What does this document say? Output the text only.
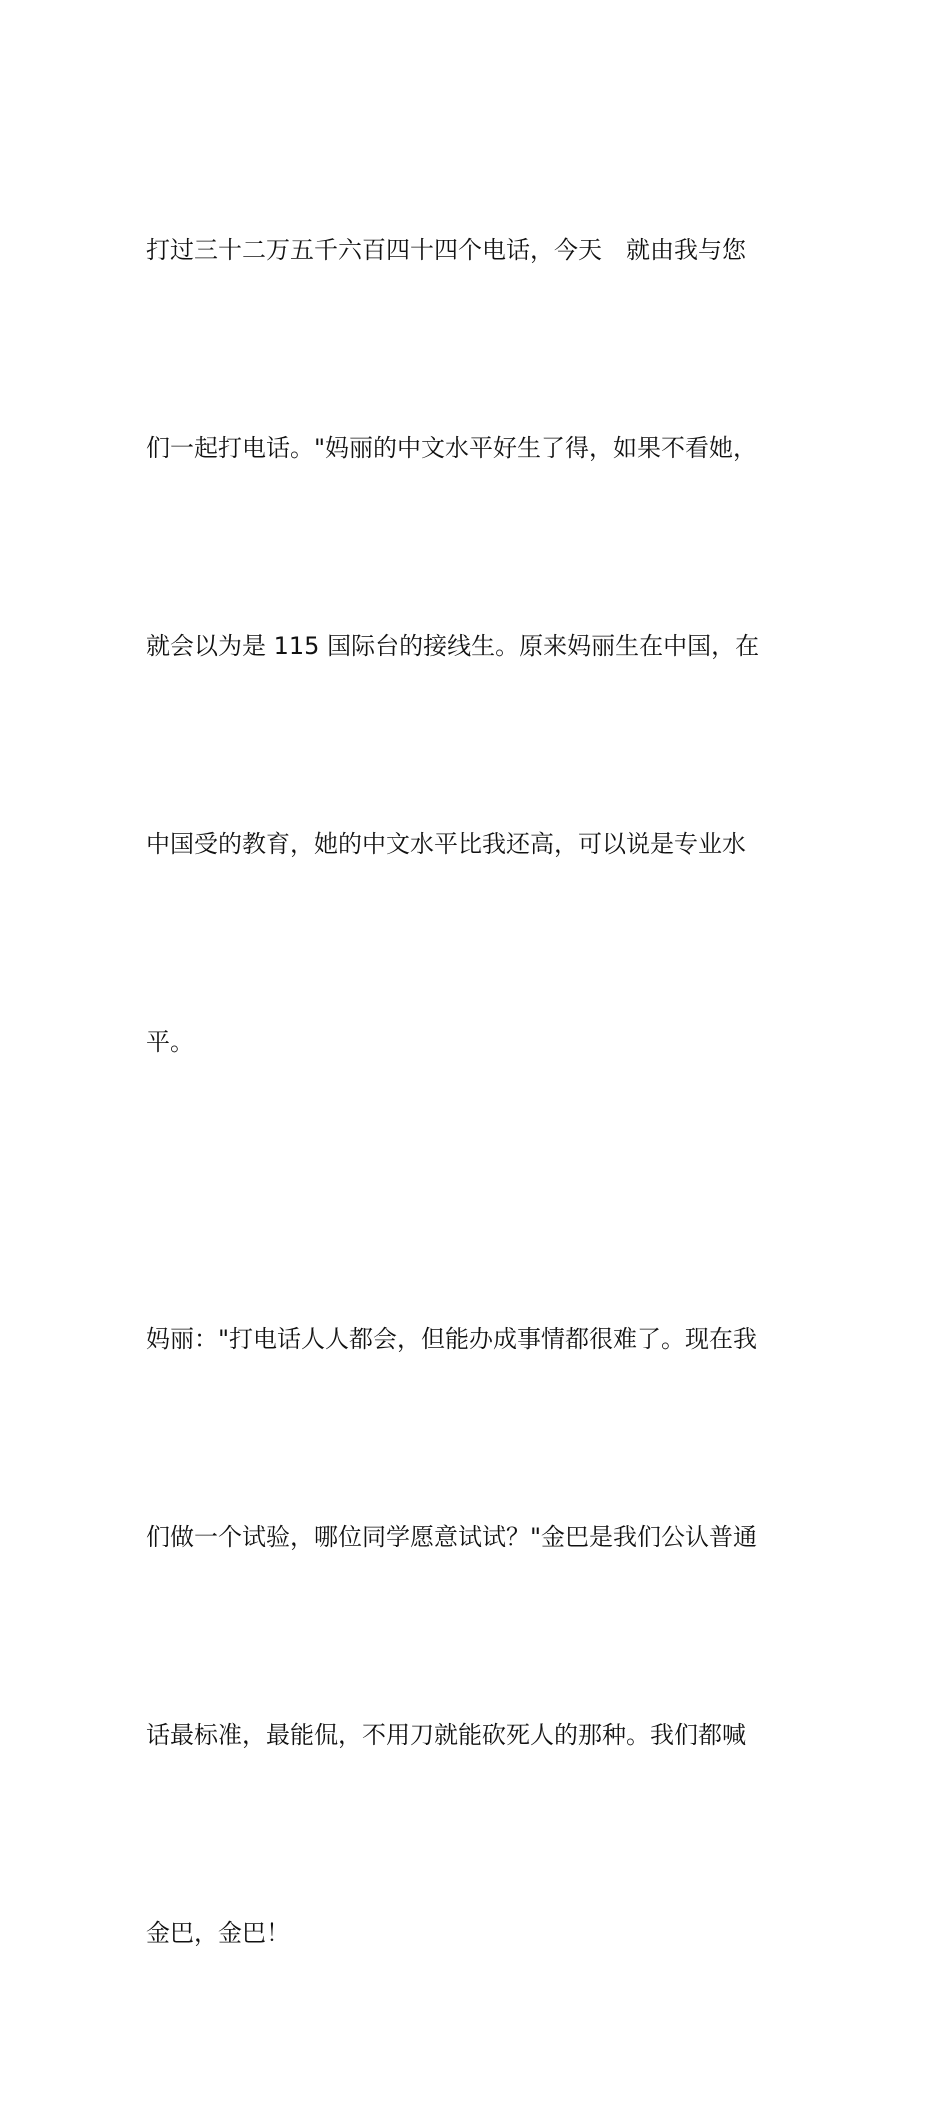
打过三十二万五千六百四十四个电话，今天　就由我与您

们一起打电话。"妈丽的中文水平好生了得，如果不看她，

就会以为是 115 国际台的接线生。原来妈丽生在中国，在

中国受的教育，她的中文水平比我还高，可以说是专业水

平。

妈丽："打电话人人都会，但能办成事情都很难了。现在我

们做一个试验，哪位同学愿意试试？"金巴是我们公认普通

话最标准，最能侃，不用刀就能砍死人的那种。我们都喊

金巴，金巴！
